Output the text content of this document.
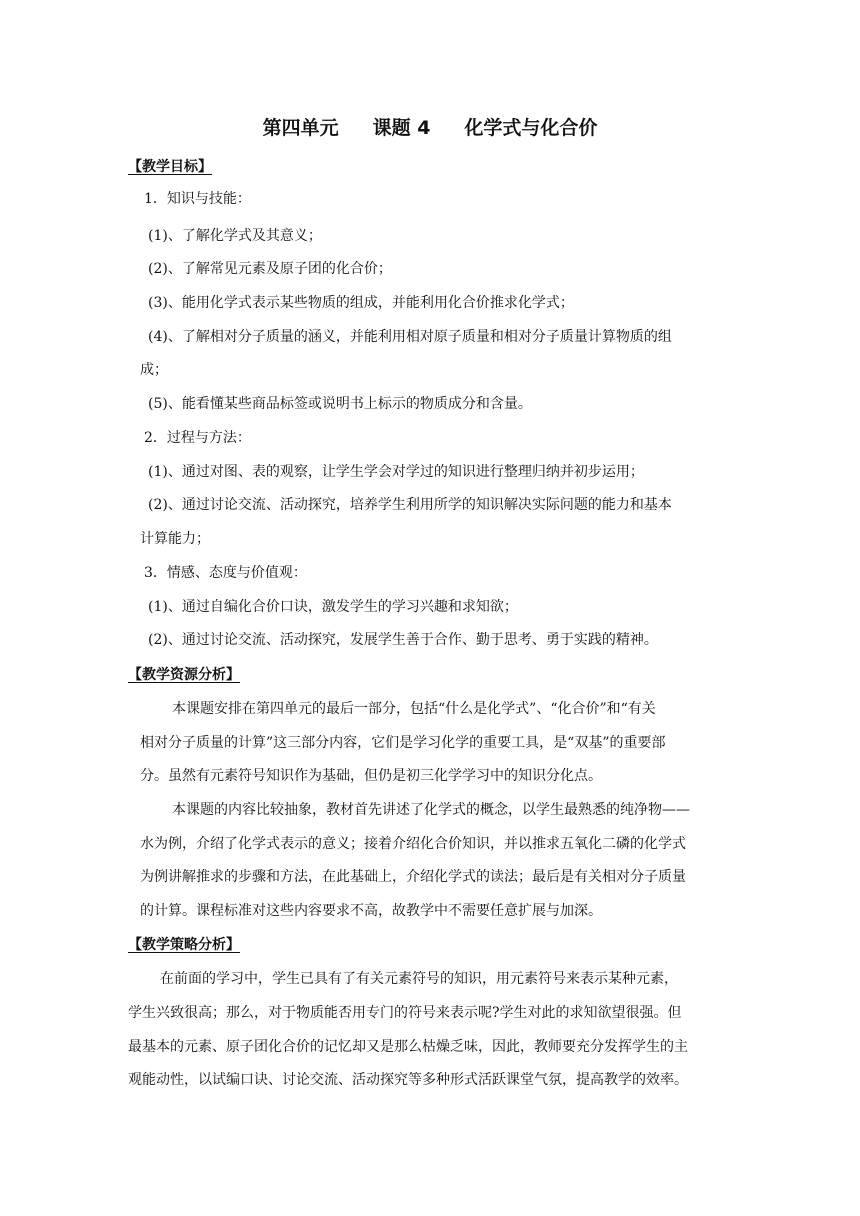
第四单元 课题 4 化学式与化合价
【教学目标】
1．知识与技能：
(1)、了解化学式及其意义；
(2)、了解常见元素及原子团的化合价；
(3)、能用化学式表示某些物质的组成，并能利用化合价推求化学式；
(4)、了解相对分子质量的涵义，并能利用相对原子质量和相对分子质量计算物质的组
成；
(5)、能看懂某些商品标签或说明书上标示的物质成分和含量。
2．过程与方法：
(1)、通过对图、表的观察，让学生学会对学过的知识进行整理归纳并初步运用；
(2)、通过讨论交流、活动探究，培养学生利用所学的知识解决实际问题的能力和基本
计算能力；
3．情感、态度与价值观：
(1)、通过自编化合价口诀，激发学生的学习兴趣和求知欲；
(2)、通过讨论交流、活动探究，发展学生善于合作、勤于思考、勇于实践的精神。
【教学资源分析】
本课题安排在第四单元的最后一部分，包括“什么是化学式”、“化合价”和“有关
相对分子质量的计算”这三部分内容，它们是学习化学的重要工具，是“双基”的重要部
分。虽然有元素符号知识作为基础，但仍是初三化学学习中的知识分化点。
本课题的内容比较抽象，教材首先讲述了化学式的概念，以学生最熟悉的纯净物——
水为例，介绍了化学式表示的意义；接着介绍化合价知识，并以推求五氧化二磷的化学式
为例讲解推求的步骤和方法，在此基础上，介绍化学式的读法；最后是有关相对分子质量
的计算。课程标准对这些内容要求不高，故教学中不需要任意扩展与加深。
【教学策略分析】
在前面的学习中，学生已具有了有关元素符号的知识，用元素符号来表示某种元素，
学生兴致很高；那么，对于物质能否用专门的符号来表示呢?学生对此的求知欲望很强。但
最基本的元素、原子团化合价的记忆却又是那么枯燥乏味，因此，教师要充分发挥学生的主
观能动性，以试编口诀、讨论交流、活动探究等多种形式活跃课堂气氛，提高教学的效率。
